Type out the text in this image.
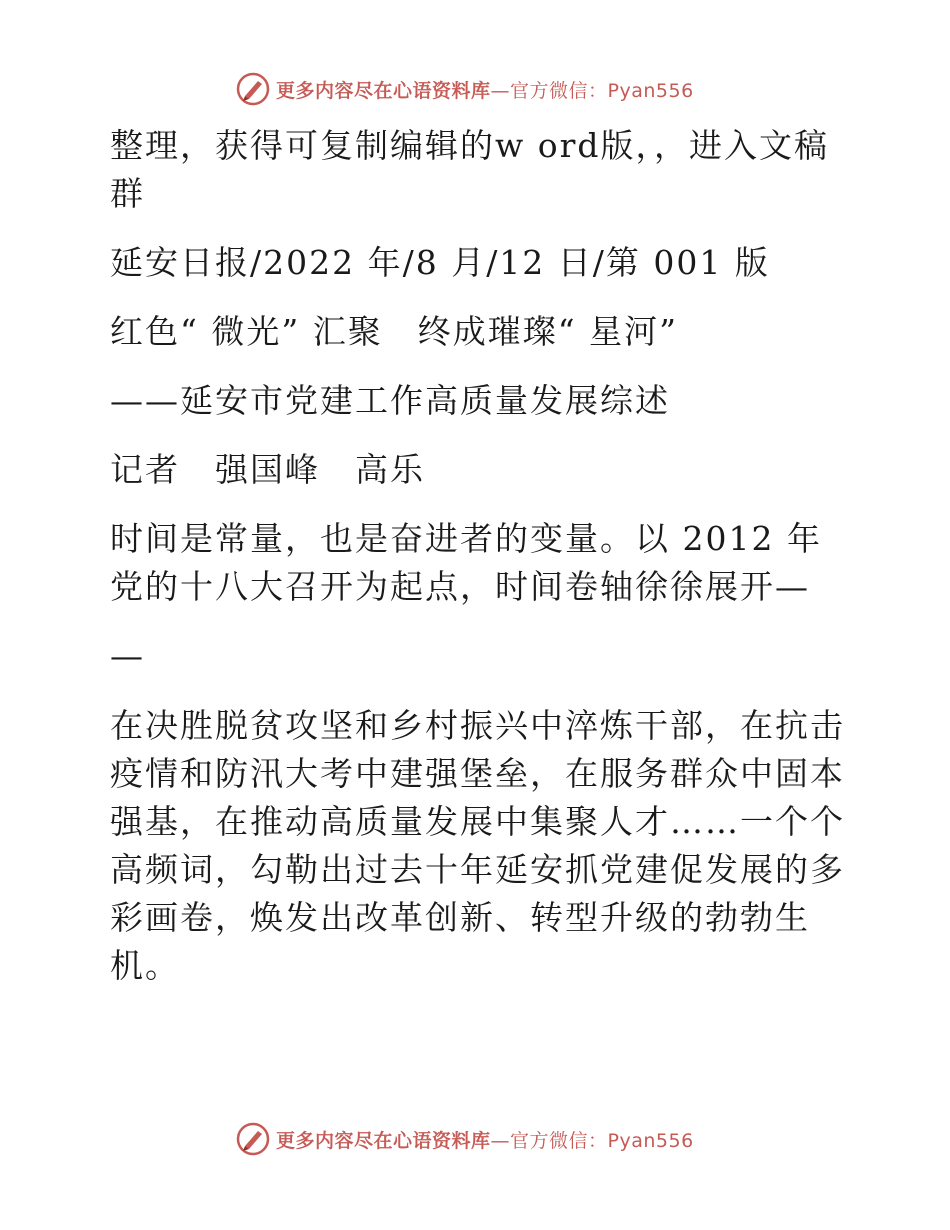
更多内容尽在心语资料库 —官方微信：Pyan556

整理，获得可复制编辑的w ord版，，进入文稿群

延安日报/2022 年/8 月/12 日/第 001 版

红色“ 微光” 汇聚　终成璀璨“ 星河”

——延安市党建工作高质量发展综述

记者　强国峰　高乐

时间是常量，也是奋进者的变量。以 2012 年党的十八大召开为起点，时间卷轴徐徐展开—

—

在决胜脱贫攻坚和乡村振兴中淬炼干部，在抗击疫情和防汛大考中建强堡垒，在服务群众中固本强基，在推动高质量发展中集聚人才……一个个高频词，勾勒出过去十年延安抓党建促发展的多彩画卷，焕发出改革创新、转型升级的勃勃生机。

更多内容尽在心语资料库 —官方微信：Pyan556
